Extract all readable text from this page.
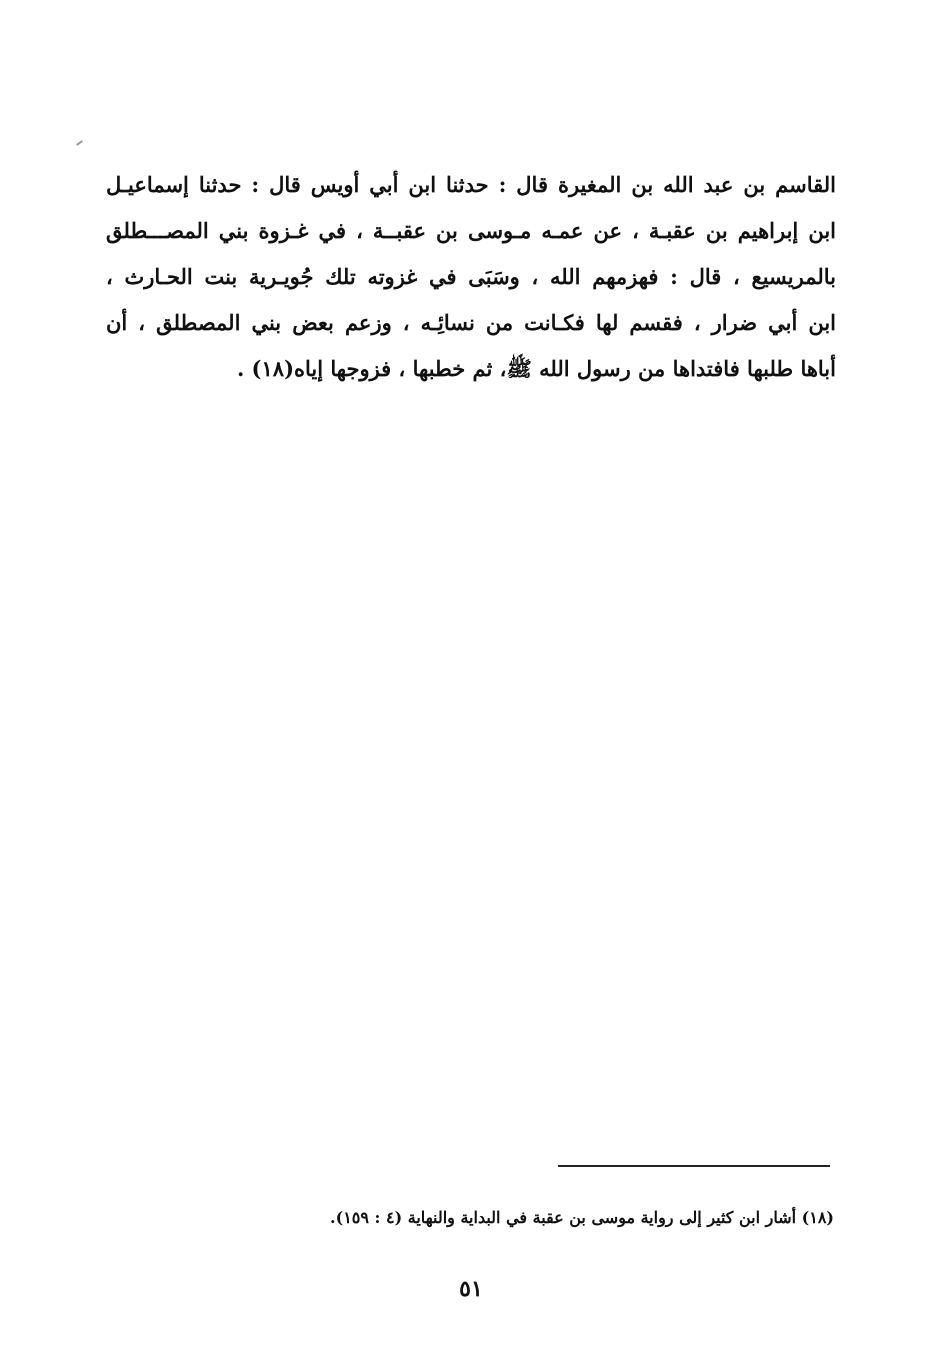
القاسم بن عبد الله بن المغيرة قال : حدثنا ابن أبي أويس قال : حدثنا إسماعيـل
ابن إبراهيم بن عقبـة ، عن عمـه مـوسى بن عقبــة ، في غـزوة بني المصـــطلق
بالمريسيع ، قال : فهزمهم الله ، وسَبَى في غزوته تلك جُويـرية بنت الحـارث ،
ابن أبي ضرار ، فقسم لها فكـانت من نسائِـه ، وزعم بعض بني المصطلق ، أن
أباها طلبها فافتداها من رسول الله ﷺ، ثم خطبها ، فزوجها إياه(١٨) .
(١٨) أشار ابن كثير إلى رواية موسى بن عقبة في البداية والنهاية (٤ : ١٥٩).
٥١
